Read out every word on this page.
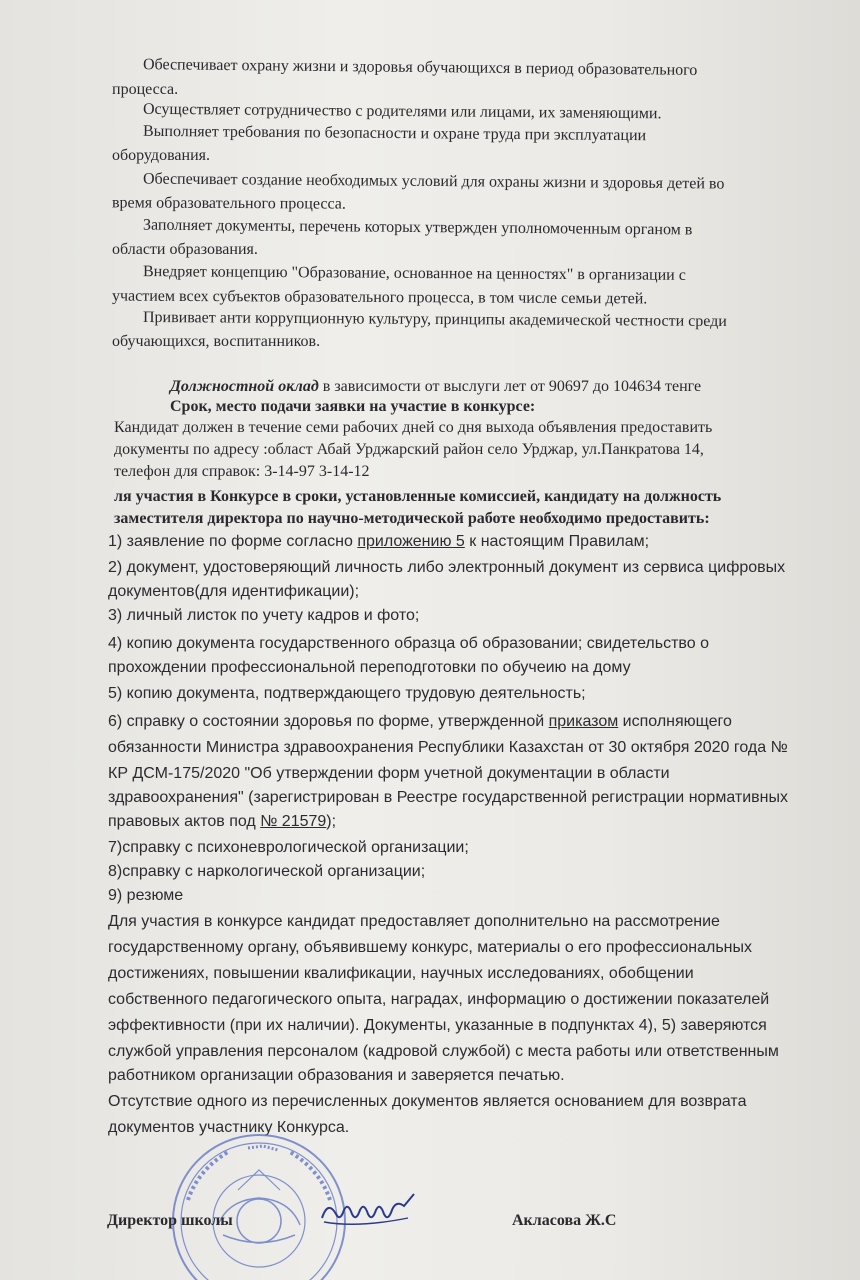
Обеспечивает охрану жизни и здоровья обучающихся в период образовательного
процесса.
Осуществляет сотрудничество с родителями или лицами, их заменяющими.
Выполняет требования по безопасности и охране труда при эксплуатации
оборудования.
Обеспечивает создание необходимых условий для охраны жизни и здоровья детей во
время образовательного процесса.
Заполняет документы, перечень которых утвержден уполномоченным органом в
области образования.
Внедряет концепцию "Образование, основанное на ценностях" в организации с
участием всех субъектов образовательного процесса, в том числе семьи детей.
Прививает анти коррупционную культуру, принципы академической честности среди
обучающихся, воспитанников.
Должностной оклад в зависимости от выслуги лет от 90697 до 104634 тенге
Срок, место подачи заявки на участие в конкурсе:
Кандидат должен в течение семи рабочих дней со дня выхода объявления предоставить
документы по адресу :област Абай Урджарский район село Урджар, ул.Панкратова 14,
телефон для справок: 3-14-97 3-14-12
ля участия в Конкурсе в сроки, установленные комиссией, кандидату на должность
заместителя директора по научно-методической работе необходимо предоставить:
1) заявление по форме согласно приложению 5 к настоящим Правилам;
2) документ, удостоверяющий личность либо электронный документ из сервиса цифровых
документов(для идентификации);
3) личный листок по учету кадров и фото;
4) копию документа государственного образца об образовании; свидетельство о
прохождении профессиональной переподготовки по обучеию на дому
5) копию документа, подтверждающего трудовую деятельность;
6) справку о состоянии здоровья по форме, утвержденной приказом исполняющего
обязанности Министра здравоохранения Республики Казахстан от 30 октября 2020 года №
КР ДСМ-175/2020 "Об утверждении форм учетной документации в области
здравоохранения" (зарегистрирован в Реестре государственной регистрации нормативных
правовых актов под № 21579);
7)справку с психоневрологической организации;
8)справку с наркологической организации;
9) резюме
Для участия в конкурсе кандидат предоставляет дополнительно на рассмотрение
государственному органу, объявившему конкурс, материалы о его профессиональных
достижениях, повышении квалификации, научных исследованиях, обобщении
собственного педагогического опыта, наградах, информацию о достижении показателей
эффективности (при их наличии). Документы, указанные в подпунктах 4), 5) заверяются
службой управления персоналом (кадровой службой) с места работы или ответственным
работником организации образования и заверяется печатью.
Отсутствие одного из перечисленных документов является основанием для возврата
документов участнику Конкурса.
Директор школы	Акласова Ж.С
